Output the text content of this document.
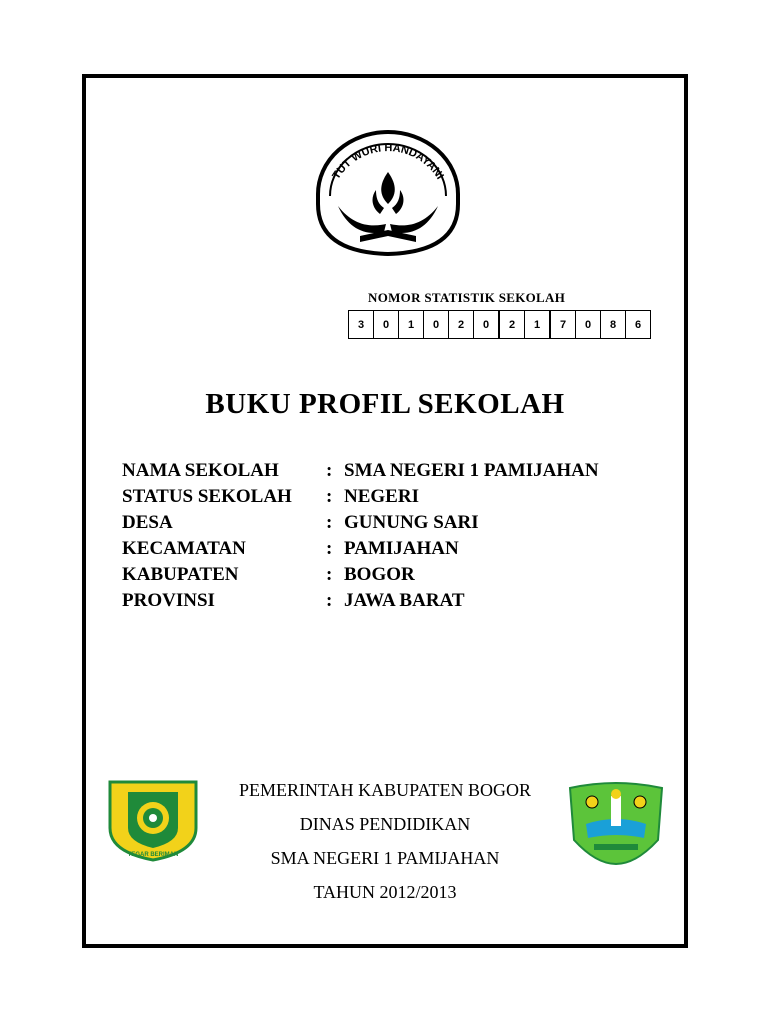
TUT WURI HANDAYANI
NOMOR STATISTIK SEKOLAH
3	0	1	0	2	0	2	1	7	0	8	6
BUKU PROFIL SEKOLAH
NAMA SEKOLAH	: SMA NEGERI 1 PAMIJAHAN
STATUS SEKOLAH	: NEGERI
DESA	: GUNUNG SARI
KECAMATAN	: PAMIJAHAN
KABUPATEN	: BOGOR
PROVINSI	: JAWA BARAT
TEGAR BERIMAN
PEMERINTAH KABUPATEN BOGOR
DINAS PENDIDIKAN
SMA NEGERI 1 PAMIJAHAN
TAHUN 2012/2013
